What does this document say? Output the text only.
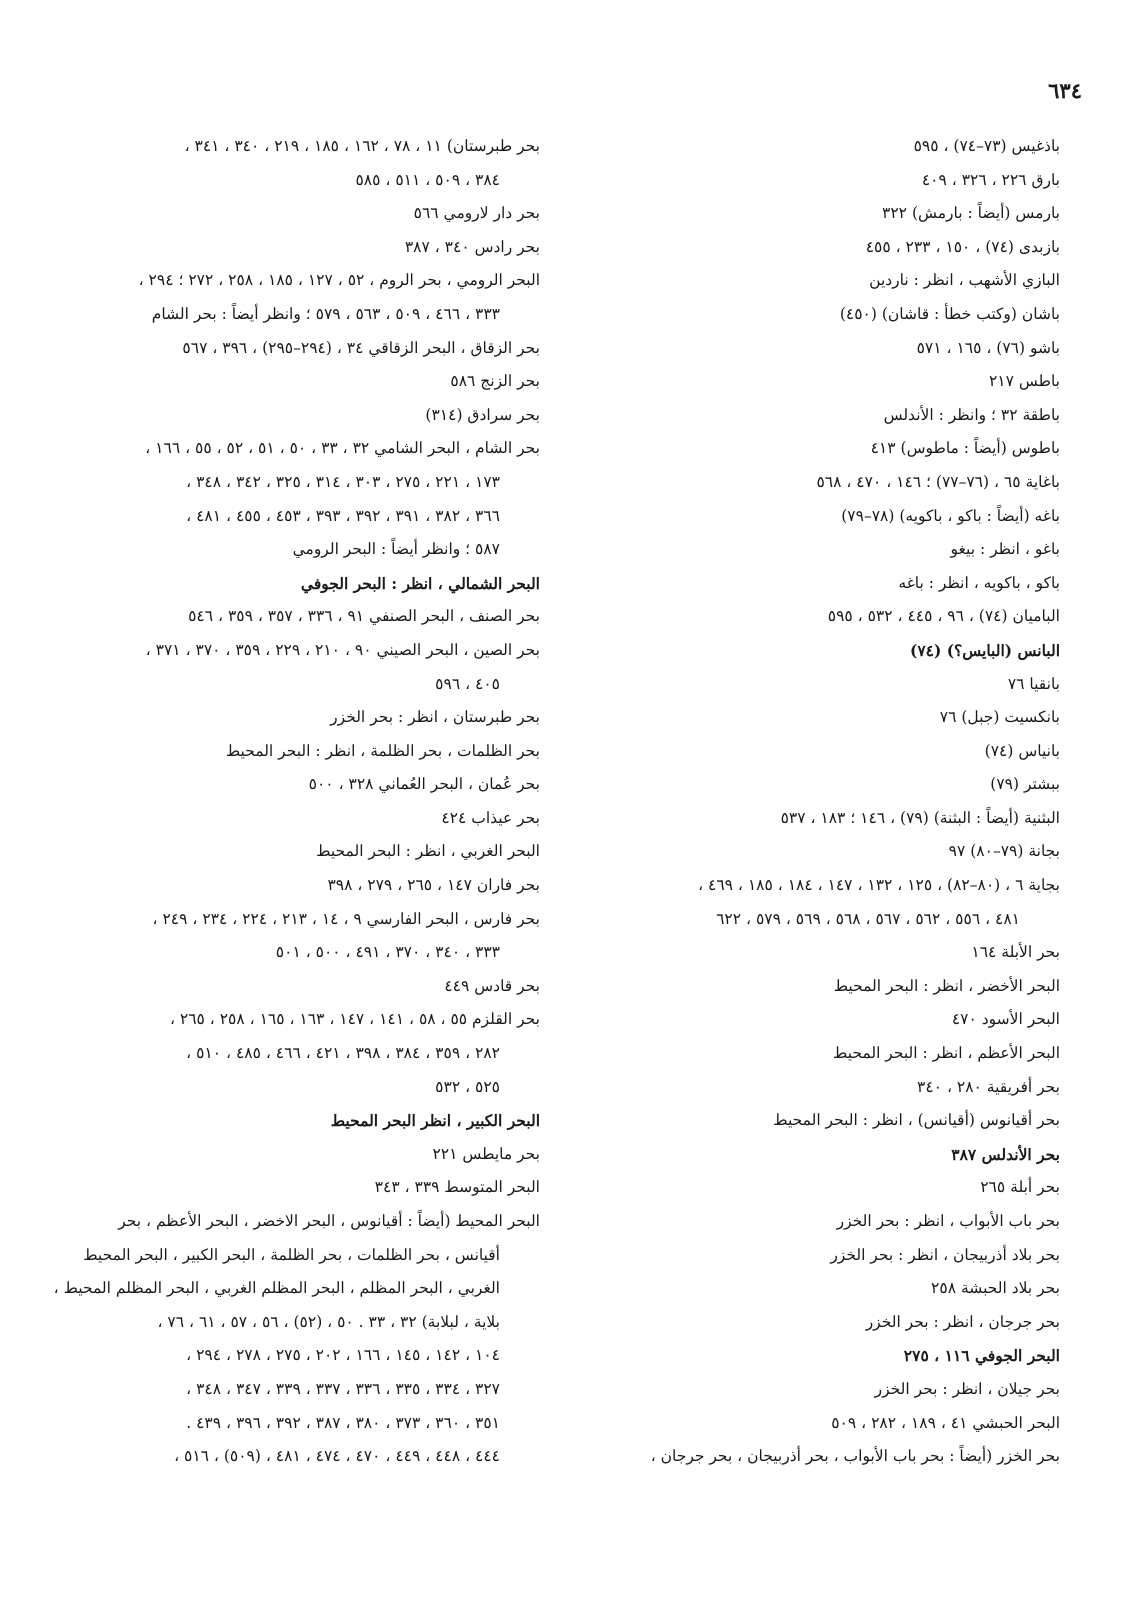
٦٣٤
باذغيس (٧٣–٧٤) ، ٥٩٥
بارق ٢٢٦ ، ٣٢٦ ، ٤٠٩
بارمس (أيضاً : بارمش) ٣٢٢
بازبدى (٧٤) ، ١٥٠ ، ٢٣٣ ، ٤٥٥
البازي الأشهب ، انظر : ناردين
باشان (وكتب خطأ : قاشان) (٤٥٠)
باشو (٧٦) ، ١٦٥ ، ٥٧١
باطس ٢١٧
باطقة ٣٢ ؛ وانظر : الأندلس
باطوس (أيضاً : ماطوس) ٤١٣
باغاية ٦٥ ، (٧٦–٧٧) ؛ ١٤٦ ، ٤٧٠ ، ٥٦٨
باغه (أيضاً : باكو ، باكويه) (٧٨–٧٩)
باغو ، انظر : بيغو
باكو ، باكويه ، انظر : باغه
الباميان (٧٤) ، ٩٦ ، ٤٤٥ ، ٥٣٢ ، ٥٩٥
البانس (البايس؟) (٧٤)
بانقيا ٧٦
بانكسيت (جبل) ٧٦
بانياس (٧٤)
ببشتر (٧٩)
البثنية (أيضاً : البثنة) (٧٩) ، ١٤٦ ؛ ١٨٣ ، ٥٣٧
بجانة (٧٩–٨٠) ٩٧
بجاية ٦ ، (٨٠–٨٢) ، ١٢٥ ، ١٣٢ ، ١٤٧ ، ١٨٤ ، ١٨٥ ، ٤٦٩ ،
٤٨١ ، ٥٥٦ ، ٥٦٢ ، ٥٦٧ ، ٥٦٨ ، ٥٦٩ ، ٥٧٩ ، ٦٢٢
بحر الأبلة ١٦٤
البحر الأخضر ، انظر : البحر المحيط
البحر الأسود ٤٧٠
البحر الأعظم ، انظر : البحر المحيط
بحر أفريقية ٢٨٠ ، ٣٤٠
بحر أقيانوس (أقيانس) ، انظر : البحر المحيط
بحر الأندلس ٣٨٧
بحر أبلة ٢٦٥
بحر باب الأبواب ، انظر : بحر الخزر
بحر بلاد أذربيجان ، انظر : بحر الخزر
بحر بلاد الحبشة ٢٥٨
بحر جرجان ، انظر : بحر الخزر
البحر الجوفي ١١٦ ، ٢٧٥
بحر جيلان ، انظر : بحر الخزر
البحر الحبشي ٤١ ، ١٨٩ ، ٢٨٢ ، ٥٠٩
بحر الخزر (أيضاً : بحر باب الأبواب ، بحر أذربيجان ، بحر جرجان ،
بحر طبرستان) ١١ ، ٧٨ ، ١٦٢ ، ١٨٥ ، ٢١٩ ، ٣٤٠ ، ٣٤١ ،
٣٨٤ ، ٥٠٩ ، ٥١١ ، ٥٨٥
بحر دار لارومي ٥٦٦
بحر رادس ٣٤٠ ، ٣٨٧
البحر الرومي ، بحر الروم ، ٥٢ ، ١٢٧ ، ١٨٥ ، ٢٥٨ ، ٢٧٢ ؛ ٢٩٤ ،
٣٣٣ ، ٤٦٦ ، ٥٠٩ ، ٥٦٣ ، ٥٧٩ ؛ وانظر أيضاً : بحر الشام
بحر الزقاق ، البحر الزقاقي ٣٤ ، (٢٩٤–٢٩٥) ، ٣٩٦ ، ٥٦٧
بحر الزنج ٥٨٦
بحر سرادق (٣١٤)
بحر الشام ، البحر الشامي ٣٢ ، ٣٣ ، ٥٠ ، ٥١ ، ٥٢ ، ٥٥ ، ١٦٦ ،
١٧٣ ، ٢٢١ ، ٢٧٥ ، ٣٠٣ ، ٣١٤ ، ٣٢٥ ، ٣٤٢ ، ٣٤٨ ،
٣٦٦ ، ٣٨٢ ، ٣٩١ ، ٣٩٢ ، ٣٩٣ ، ٤٥٣ ، ٤٥٥ ، ٤٨١ ،
٥٨٧ ؛ وانظر أيضاً : البحر الرومي
البحر الشمالي ، انظر : البحر الجوفي
بحر الصنف ، البحر الصنفي ٩١ ، ٣٣٦ ، ٣٥٧ ، ٣٥٩ ، ٥٤٦
بحر الصين ، البحر الصيني ٩٠ ، ٢١٠ ، ٢٢٩ ، ٣٥٩ ، ٣٧٠ ، ٣٧١ ،
٤٠٥ ، ٥٩٦
بحر طبرستان ، انظر : بحر الخزر
بحر الظلمات ، بحر الظلمة ، انظر : البحر المحيط
بحر عُمان ، البحر العُماني ٣٢٨ ، ٥٠٠
بحر عيذاب ٤٢٤
البحر الغربي ، انظر : البحر المحيط
بحر فاران ١٤٧ ، ٢٦٥ ، ٢٧٩ ، ٣٩٨
بحر فارس ، البحر الفارسي ٩ ، ١٤ ، ٢١٣ ، ٢٢٤ ، ٢٣٤ ، ٢٤٩ ،
٣٣٣ ، ٣٤٠ ، ٣٧٠ ، ٤٩١ ، ٥٠٠ ، ٥٠١
بحر قادس ٤٤٩
بحر القلزم ٥٥ ، ٥٨ ، ١٤١ ، ١٤٧ ، ١٦٣ ، ١٦٥ ، ٢٥٨ ، ٢٦٥ ،
٢٨٢ ، ٣٥٩ ، ٣٨٤ ، ٣٩٨ ، ٤٢١ ، ٤٦٦ ، ٤٨٥ ، ٥١٠ ،
٥٢٥ ، ٥٣٢
البحر الكبير ، انظر البحر المحيط
بحر مايطس ٢٢١
البحر المتوسط ٣٣٩ ، ٣٤٣
البحر المحيط (أيضاً : أقيانوس ، البحر الاخضر ، البحر الأعظم ، بحر
أقيانس ، بحر الظلمات ، بحر الظلمة ، البحر الكبير ، البحر المحيط
الغربي ، البحر المظلم ، البحر المظلم الغربي ، البحر المظلم المحيط ،
بلاية ، لبلابة) ٣٢ ، ٣٣ . ٥٠ ، (٥٢) ، ٥٦ ، ٥٧ ، ٦١ ، ٧٦ ،
١٠٤ ، ١٤٢ ، ١٤٥ ، ١٦٦ ، ٢٠٢ ، ٢٧٥ ، ٢٧٨ ، ٢٩٤ ،
٣٢٧ ، ٣٣٤ ، ٣٣٥ ، ٣٣٦ ، ٣٣٧ ، ٣٣٩ ، ٣٤٧ ، ٣٤٨ ،
٣٥١ ، ٣٦٠ ، ٣٧٣ ، ٣٨٠ ، ٣٨٧ ، ٣٩٢ ، ٣٩٦ ، ٤٣٩ .
٤٤٤ ، ٤٤٨ ، ٤٤٩ ، ٤٧٠ ، ٤٧٤ ، ٤٨١ ، (٥٠٩) ، ٥١٦ ،
